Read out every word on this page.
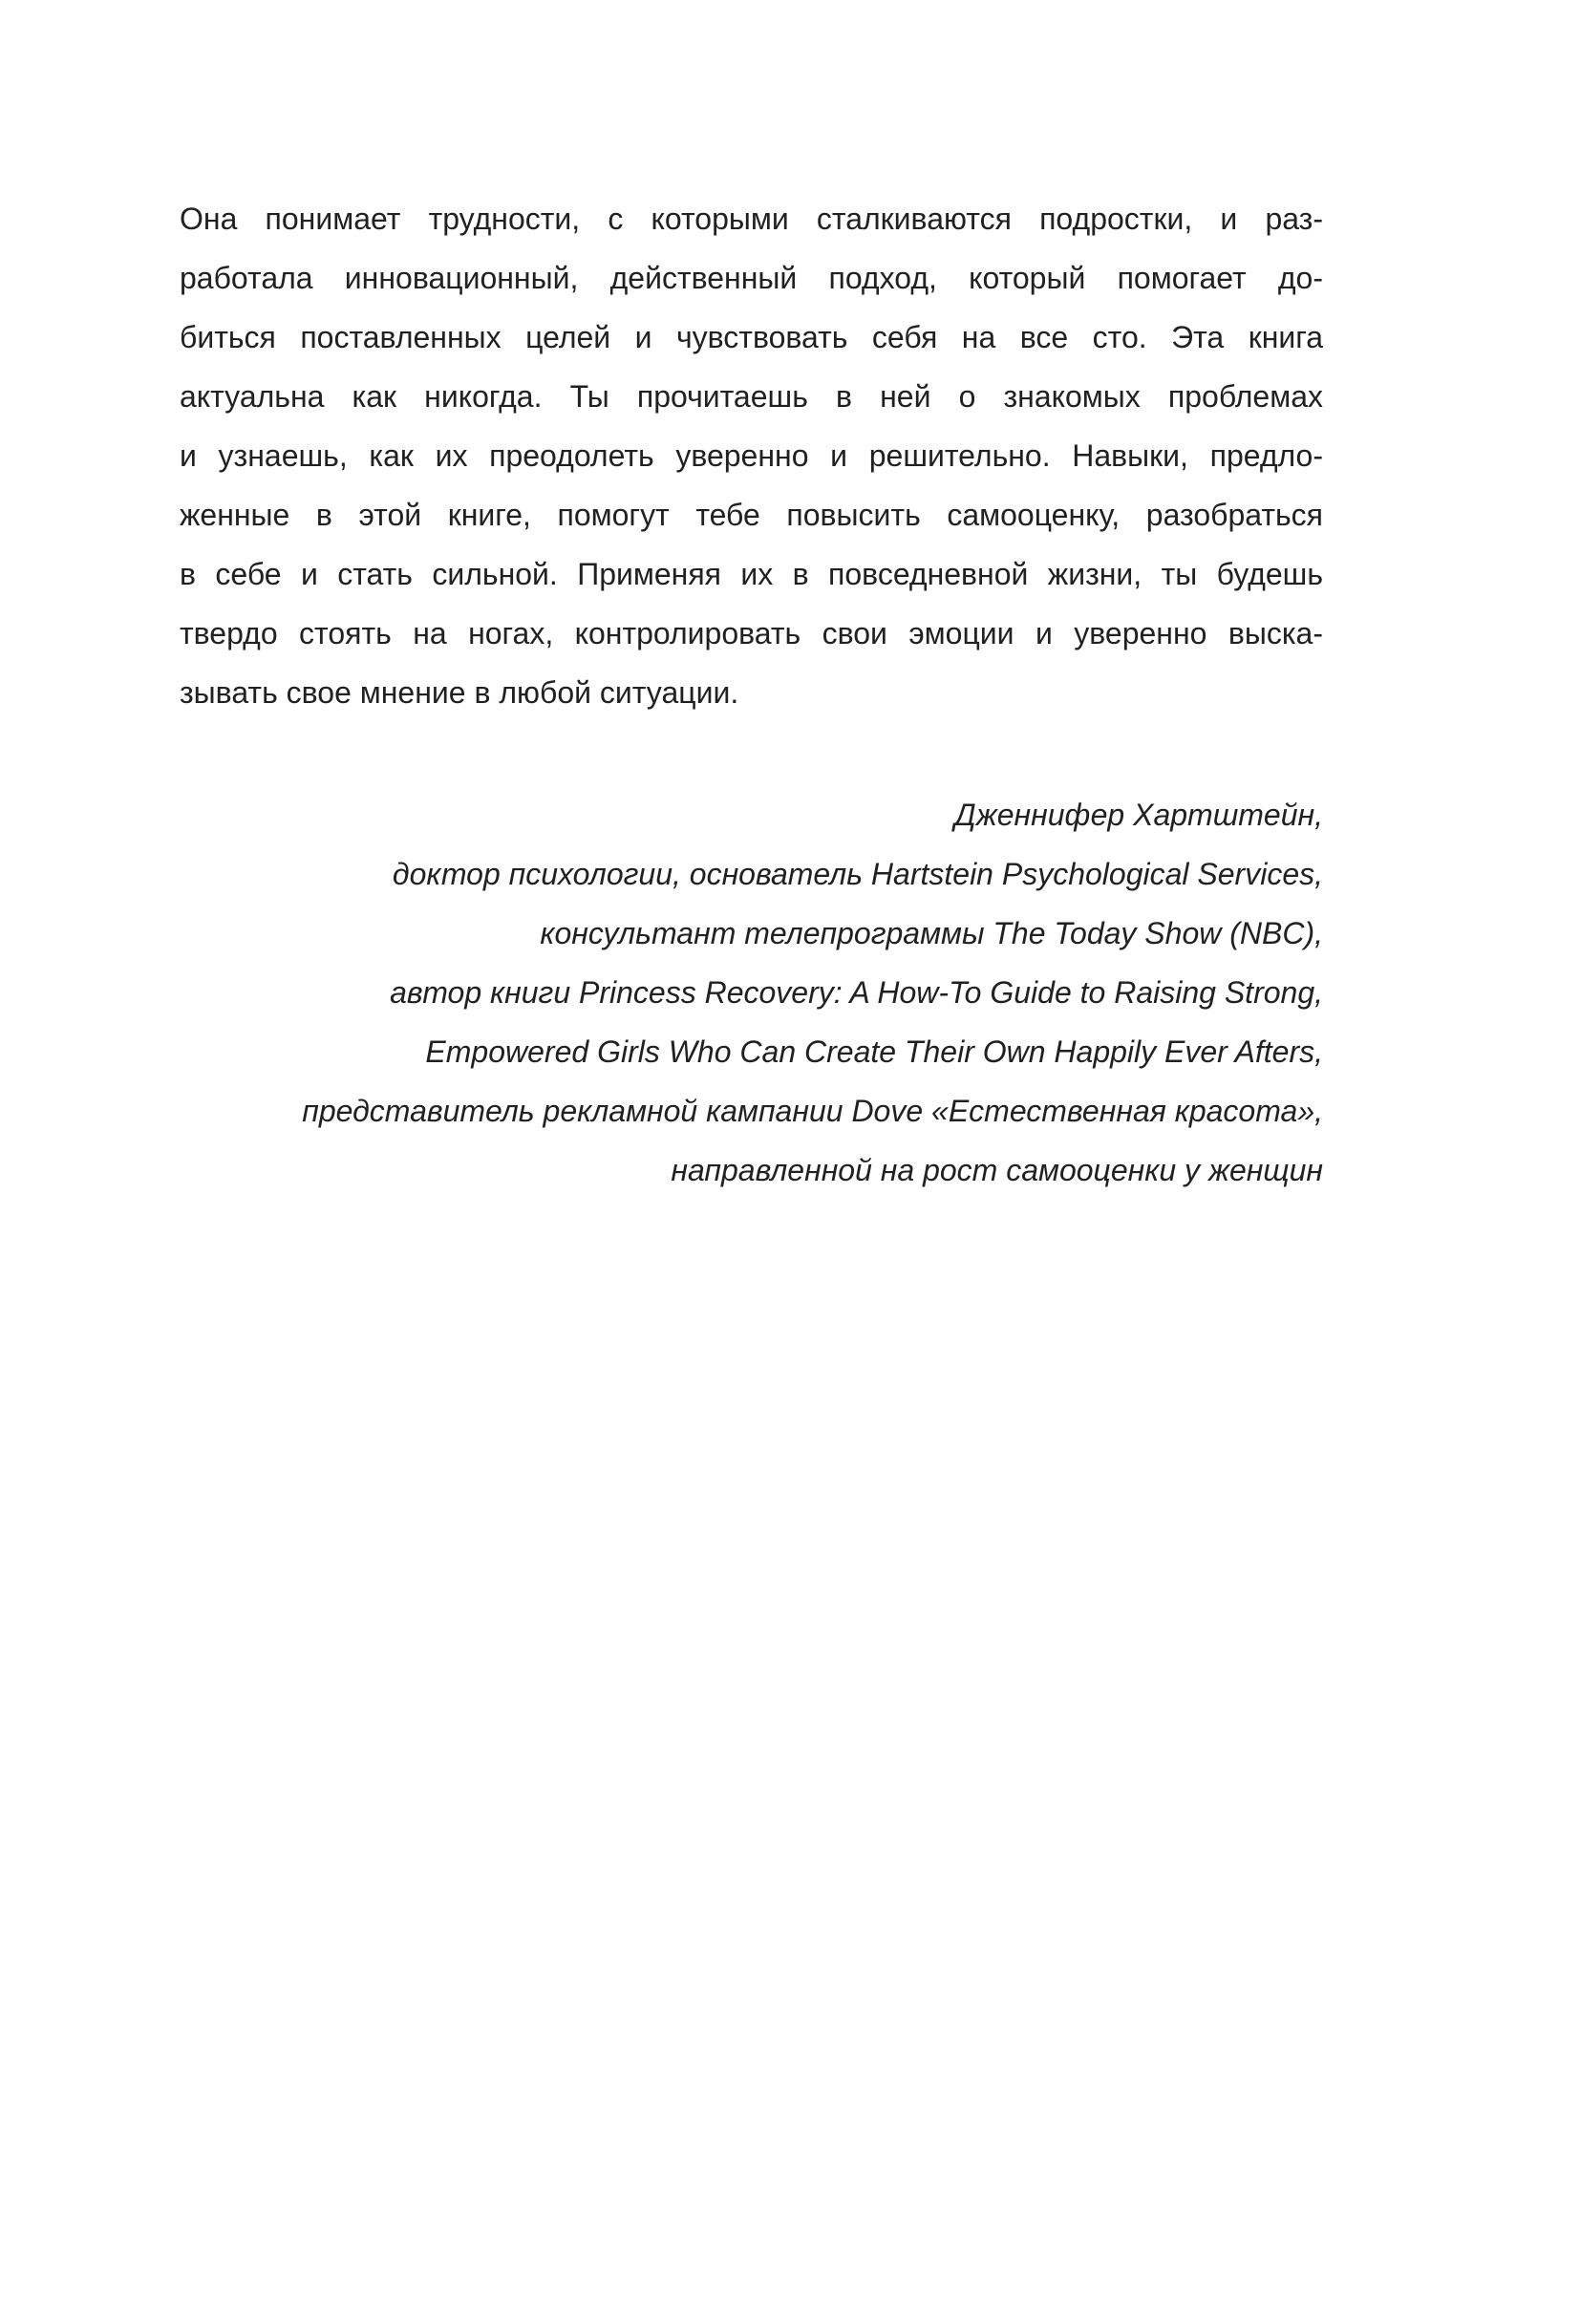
Она понимает трудности, с которыми сталкиваются подростки, и раз-
работала инновационный, действенный подход, который помогает до-
биться поставленных целей и чувствовать себя на все сто. Эта книга
актуальна как никогда. Ты прочитаешь в ней о знакомых проблемах
и узнаешь, как их преодолеть уверенно и решительно. Навыки, предло-
женные в этой книге, помогут тебе повысить самооценку, разобраться
в себе и стать сильной. Применяя их в повседневной жизни, ты будешь
твердо стоять на ногах, контролировать свои эмоции и уверенно выска-
зывать свое мнение в любой ситуации.
Дженнифер Хартштейн,
доктор психологии, основатель Hartstein Psychological Services,
консультант телепрограммы The Today Show (NBC),
автор книги Princess Recovery: A How-To Guide to Raising Strong,
Empowered Girls Who Can Create Their Own Happily Ever Afters,
представитель рекламной кампании Dove «Естественная красота»,
направленной на рост самооценки у женщин
